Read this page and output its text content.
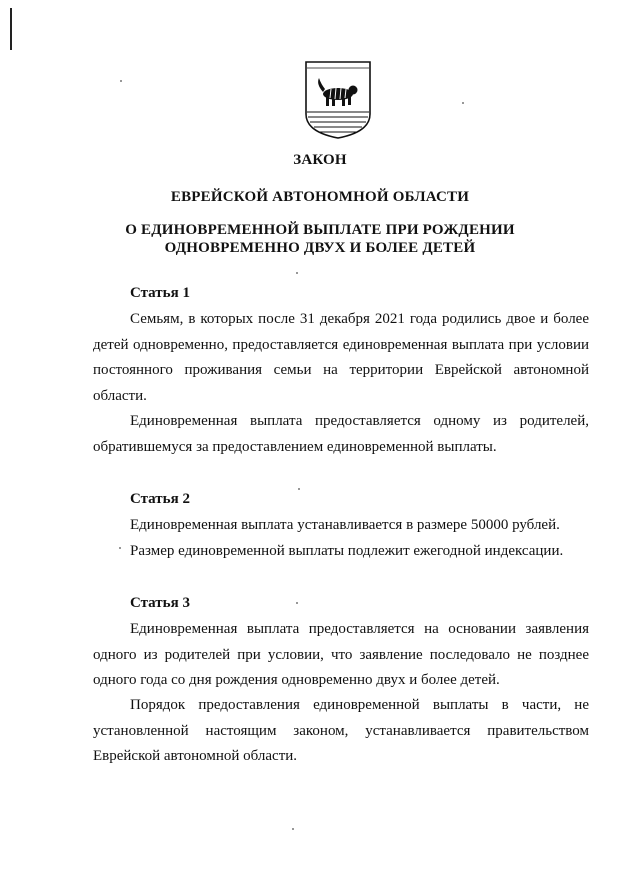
ЗАКОН
ЕВРЕЙСКОЙ АВТОНОМНОЙ ОБЛАСТИ
О ЕДИНОВРЕМЕННОЙ ВЫПЛАТЕ ПРИ РОЖДЕНИИ
ОДНОВРЕМЕННО ДВУХ И БОЛЕЕ ДЕТЕЙ
Статья 1
Семьям, в которых после 31 декабря 2021 года родились двое и более детей одновременно, предоставляется единовременная выплата при условии постоянного проживания семьи на территории Еврейской автономной области.
Единовременная выплата предоставляется одному из родителей, обратившемуся за предоставлением единовременной выплаты.
Статья 2
Единовременная выплата устанавливается в размере 50000 рублей.
Размер единовременной выплаты подлежит ежегодной индексации.
Статья 3
Единовременная выплата предоставляется на основании заявления одного из родителей при условии, что заявление последовало не позднее одного года со дня рождения одновременно двух и более детей.
Порядок предоставления единовременной выплаты в части, не установленной настоящим законом, устанавливается правительством Еврейской автономной области.
